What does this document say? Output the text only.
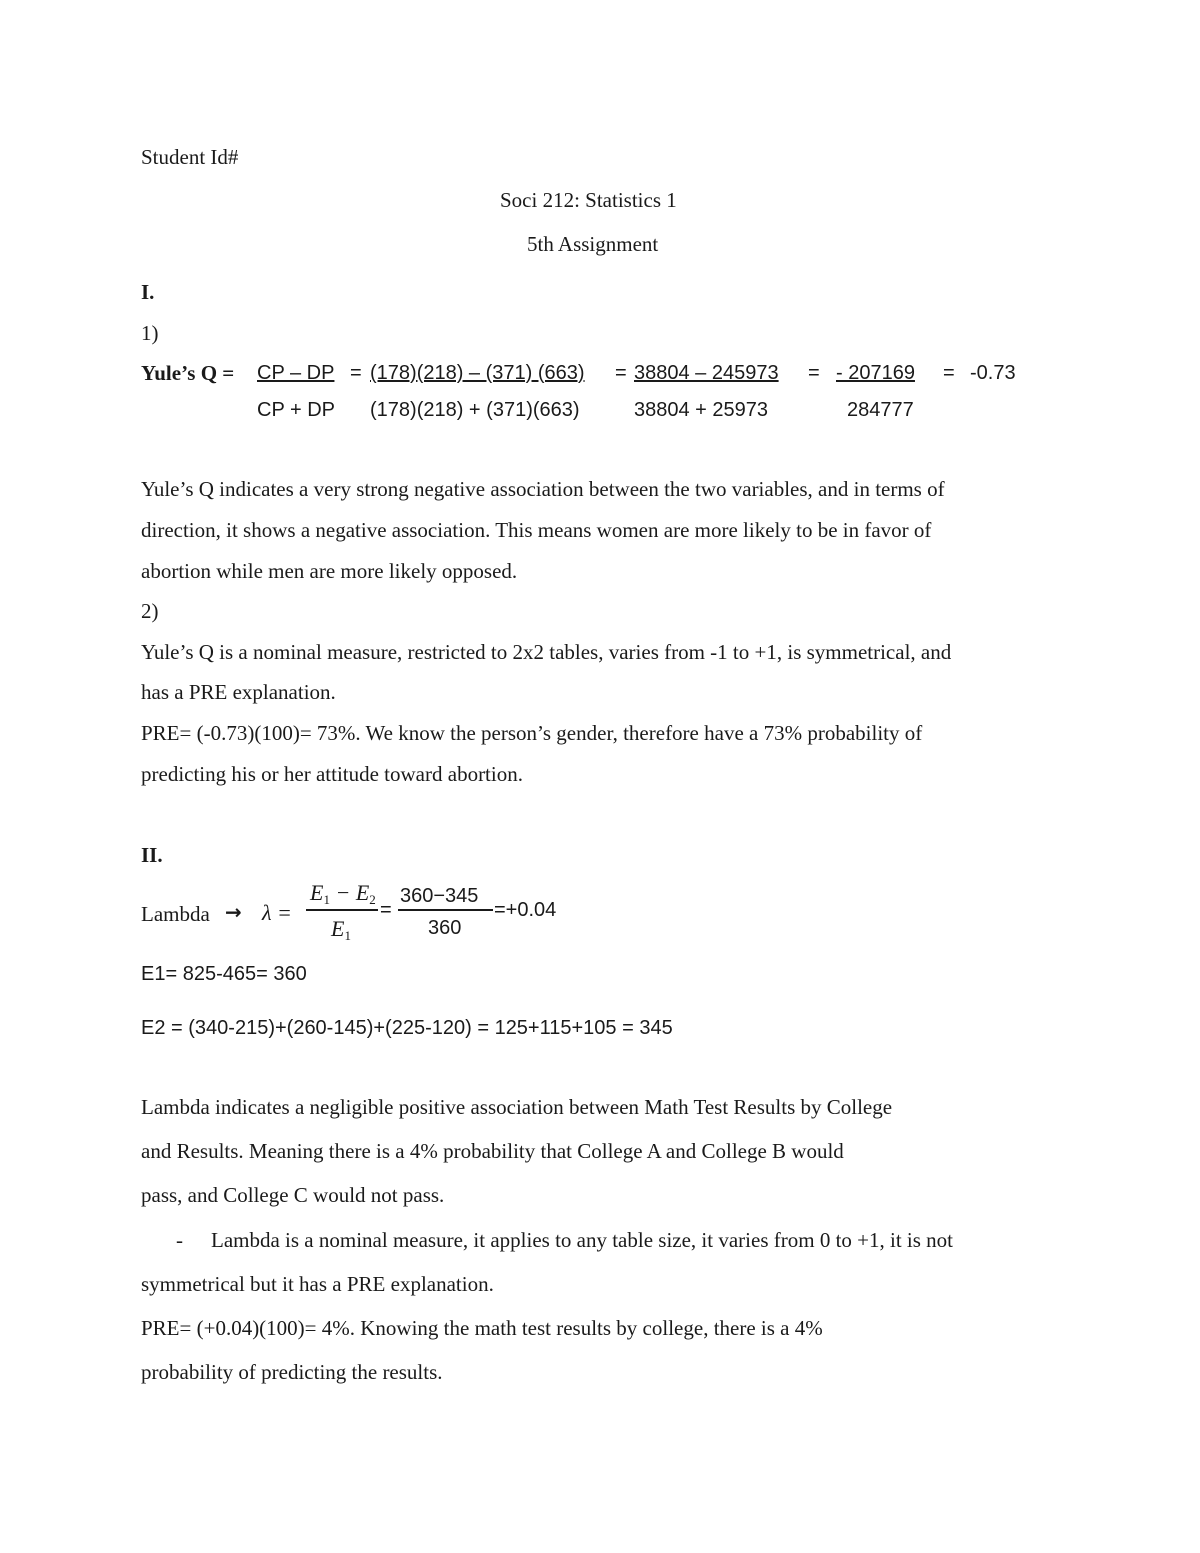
Student Id#
Soci 212: Statistics 1
5th Assignment
I.
1)
Yule’s Q = CP – DP
CP + DP
= (178)(218) – (371) (663)
(178)(218) + (371)(663)
= 38804 – 245973
38804 + 25973
= - 207169
284777
= -0.73
Yule’s Q indicates a very strong negative association between the two variables, and in terms of
direction, it shows a negative association. This means women are more likely to be in favor of
abortion while men are more likely opposed.
2)
Yule’s Q is a nominal measure, restricted to 2x2 tables, varies from -1 to +1, is symmetrical, and
has a PRE explanation.
PRE= (-0.73)(100)= 73%. We know the person’s gender, therefore have a 73% probability of
predicting his or her attitude toward abortion.
II.
Lambda → λ =
$E_1 - E_2$
$E_1$
=
360−345
360
=+0.04
E1= 825-465= 360
E2 = (340-215)+(260-145)+(225-120) = 125+115+105 = 345
Lambda indicates a negligible positive association between Math Test Results by College
and Results. Meaning there is a 4% probability that College A and College B would
pass, and College C would not pass.
- Lambda is a nominal measure, it applies to any table size, it varies from 0 to +1, it is not
symmetrical but it has a PRE explanation.
PRE= (+0.04)(100)= 4%. Knowing the math test results by college, there is a 4%
probability of predicting the results.
